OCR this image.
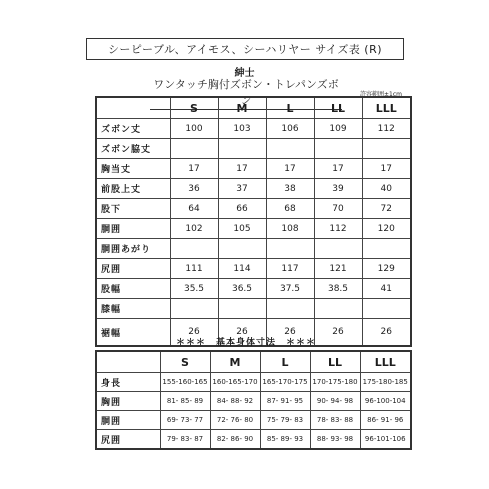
シーピーブル、アイモス、シーハリヤー サイズ表 (R)
紳士
ワンタッチ胸付ズボン・トレパンズボン	許容範囲±1cm
	S	M	L	LL	LLL
ズボン丈	100	103	106	109	112
ズボン脇丈					
胸当丈	17	17	17	17	17
前股上丈	36	37	38	39	40
股下	64	66	68	70	72
胴囲	102	105	108	112	120
胴囲あがり					
尻囲	111	114	117	121	129
股幅	35.5	36.5	37.5	38.5	41
膝幅					
裾幅	26	26	26	26	26
＊＊＊　基本身体寸法　＊＊＊
	S	M	L	LL	LLL
身長	155-160-165	160-165-170	165-170-175	170-175-180	175-180-185
胸囲	81- 85- 89	84- 88- 92	87- 91- 95	90- 94- 98	96-100-104
胴囲	69- 73- 77	72- 76- 80	75- 79- 83	78- 83- 88	86- 91- 96
尻囲	79- 83- 87	82- 86- 90	85- 89- 93	88- 93- 98	96-101-106
